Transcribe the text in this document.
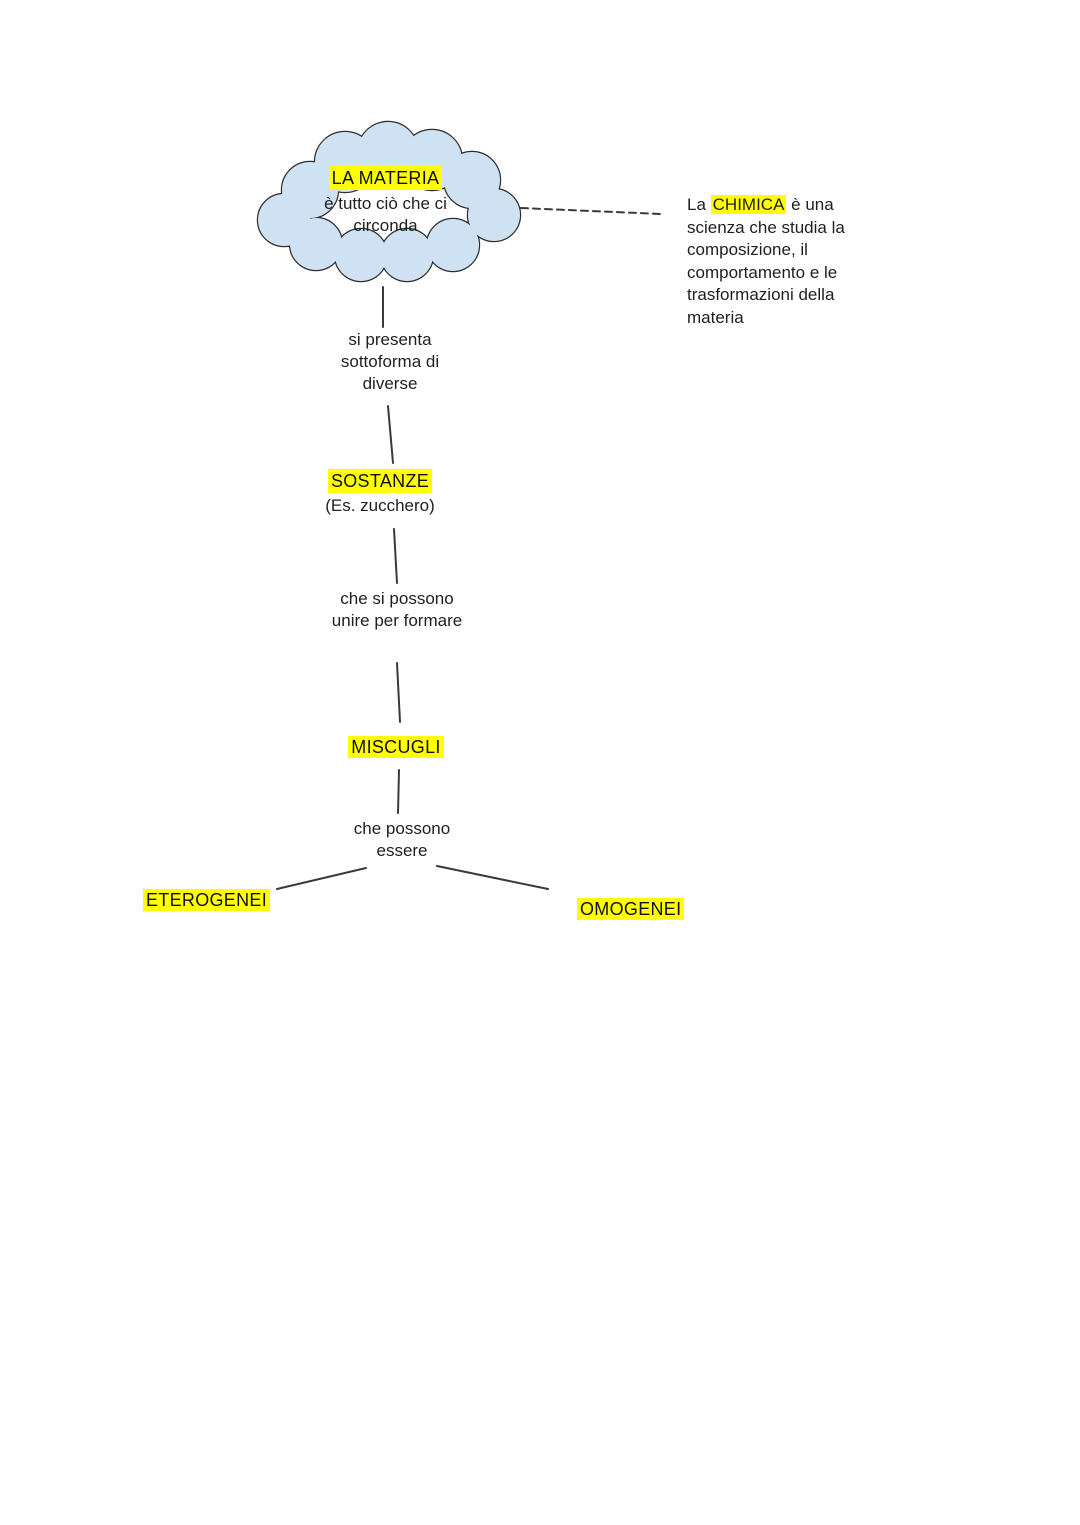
LA MATERIA
è tutto ciò che ci circonda
La CHIMICA è una scienza che studia la composizione, il comportamento e le trasformazioni della materia
si presenta sottoforma di diverse
SOSTANZE
(Es. zucchero)
che si possono unire per formare
MISCUGLI
che possono essere
ETEROGENEI	OMOGENEI
